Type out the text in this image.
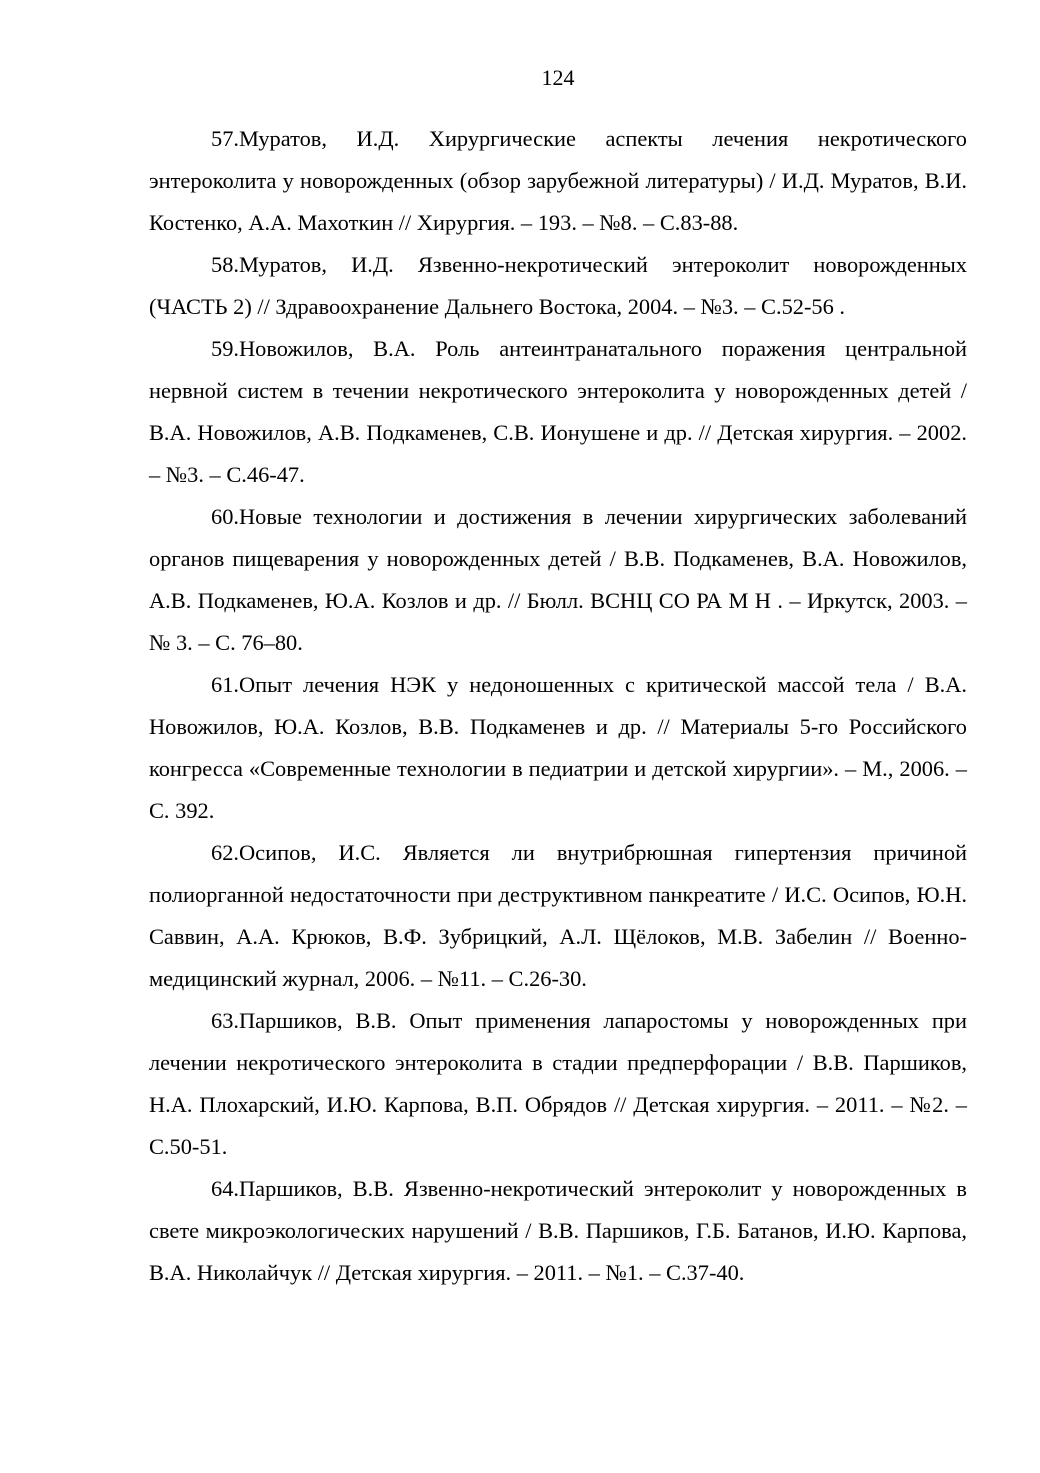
124
57.Муратов, И.Д. Хирургические аспекты лечения некротического энтероколита у новорожденных (обзор зарубежной литературы) / И.Д. Муратов, В.И. Костенко, А.А. Махоткин // Хирургия. – 193. – №8. – С.83-88.
58.Муратов, И.Д. Язвенно-некротический энтероколит новорожденных (ЧАСТЬ 2) // Здравоохранение Дальнего Востока, 2004. – №3. – С.52-56 .
59.Новожилов, В.А. Роль антеинтранатального поражения центральной нервной систем в течении некротического энтероколита у новорожденных детей / В.А. Новожилов, А.В. Подкаменев, С.В. Ионушене и др. // Детская хирургия. – 2002. – №3. – С.46-47.
60.Новые технологии и достижения в лечении хирургических заболеваний органов пищеварения у новорожденных детей / В.В. Подкаменев, В.А. Новожилов, А.В. Подкаменев, Ю.А. Козлов и др. // Бюлл. ВСНЦ СО РА М Н . – Иркутск, 2003. – № 3. – С. 76–80.
61.Опыт лечения НЭК у недоношенных с критической массой тела / В.А. Новожилов, Ю.А. Козлов, В.В. Подкаменев и др. // Материалы 5-го Российского конгресса «Современные технологии в педиатрии и детской хирургии». – М., 2006. – С. 392.
62.Осипов, И.С. Является ли внутрибрюшная гипертензия причиной полиорганной недостаточности при деструктивном панкреатите / И.С. Осипов, Ю.Н. Саввин, А.А. Крюков, В.Ф. Зубрицкий, А.Л. Щёлоков, М.В. Забелин // Военно-медицинский журнал, 2006. – №11. – С.26-30.
63.Паршиков, В.В. Опыт применения лапаростомы у новорожденных при лечении некротического энтероколита в стадии предперфорации / В.В. Паршиков, Н.А. Плохарский, И.Ю. Карпова, В.П. Обрядов // Детская хирургия. – 2011. – №2. – С.50-51.
64.Паршиков, В.В. Язвенно-некротический энтероколит у новорожденных в свете микроэкологических нарушений / В.В. Паршиков, Г.Б. Батанов, И.Ю. Карпова, В.А. Николайчук // Детская хирургия. – 2011. – №1. – С.37-40.
